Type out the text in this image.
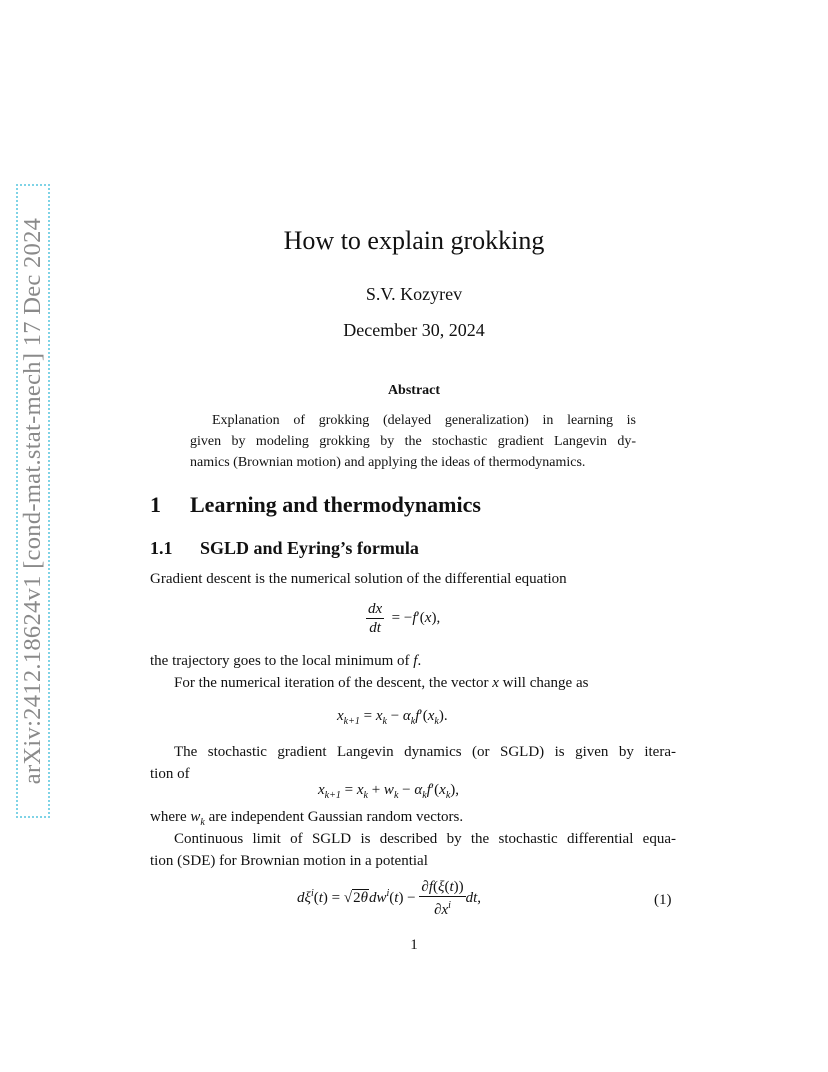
arXiv:2412.18624v1 [cond-mat.stat-mech] 17 Dec 2024	How to explain grokking
S.V. Kozyrev
December 30, 2024
Abstract
Explanation of grokking (delayed generalization) in learning is
given by modeling grokking by the stochastic gradient Langevin dy-
namics (Brownian motion) and applying the ideas of thermodynamics.
1 Learning and thermodynamics
1.1 SGLD and Eyring’s formula
Gradient descent is the numerical solution of the differential equation
$\frac{dx}{dt} = -f'(x)$,
the trajectory goes to the local minimum of f.
For the numerical iteration of the descent, the vector x will change as
$x_{k+1} = x_k - \alpha_kf'(x_k)$.
The stochastic gradient Langevin dynamics (or SGLD) is given by itera-
tion of
$x_{k+1} = x_k + w_k - \alpha_kf'(x_k)$,
where $w_k$ are independent Gaussian random vectors.
Continuous limit of SGLD is described by the stochastic differential equa-
tion (SDE) for Brownian motion in a potential
$d\xi^i(t) = √2\theta dw^i(t) - \frac{\partial f(\xi(t))}{\partial x^i}$ dt,	(1)
1
